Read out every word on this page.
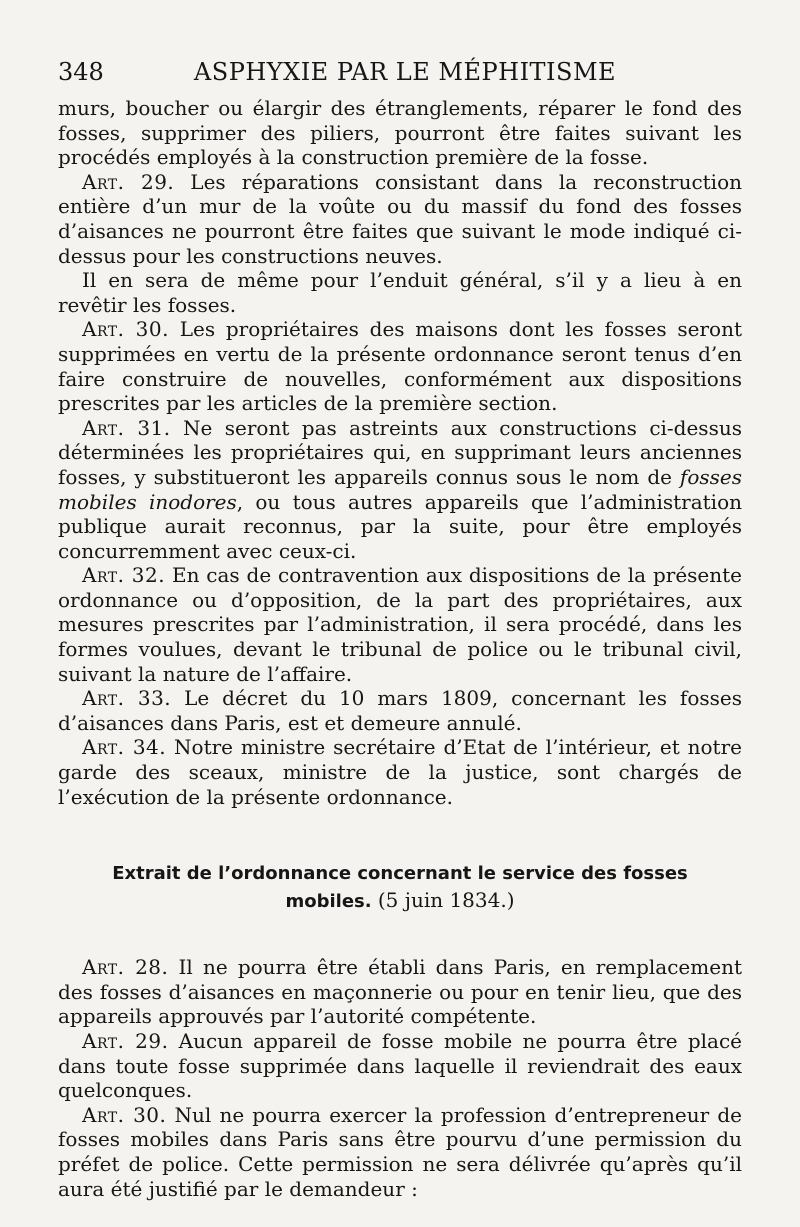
348	ASPHYXIE PAR LE MÉPHITISME

murs, boucher ou élargir des étranglements, réparer le fond des fosses, supprimer des piliers, pourront être faites suivant les procédés employés à la construction première de la fosse.

Art. 29. Les réparations consistant dans la reconstruction entière d’un mur de la voûte ou du massif du fond des fosses d’aisances ne pourront être faites que suivant le mode indiqué ci-dessus pour les constructions neuves.

Il en sera de même pour l’enduit général, s’il y a lieu à en revêtir les fosses.

Art. 30. Les propriétaires des maisons dont les fosses seront supprimées en vertu de la présente ordonnance seront tenus d’en faire construire de nouvelles, conformément aux dispositions prescrites par les articles de la première section.

Art. 31. Ne seront pas astreints aux constructions ci-dessus déterminées les propriétaires qui, en supprimant leurs anciennes fosses, y substitueront les appareils connus sous le nom de fosses mobiles inodores, ou tous autres appareils que l’administration publique aurait reconnus, par la suite, pour être employés concurremment avec ceux-ci.

Art. 32. En cas de contravention aux dispositions de la présente ordonnance ou d’opposition, de la part des propriétaires, aux mesures prescrites par l’administration, il sera procédé, dans les formes voulues, devant le tribunal de police ou le tribunal civil, suivant la nature de l’affaire.

Art. 33. Le décret du 10 mars 1809, concernant les fosses d’aisances dans Paris, est et demeure annulé.

Art. 34. Notre ministre secrétaire d’Etat de l’intérieur, et notre garde des sceaux, ministre de la justice, sont chargés de l’exécution de la présente ordonnance.

Extrait de l’ordonnance concernant le service des fosses
mobiles. (5 juin 1834.)

Art. 28. Il ne pourra être établi dans Paris, en remplacement des fosses d’aisances en maçonnerie ou pour en tenir lieu, que des appareils approuvés par l’autorité compétente.

Art. 29. Aucun appareil de fosse mobile ne pourra être placé dans toute fosse supprimée dans laquelle il reviendrait des eaux quelconques.

Art. 30. Nul ne pourra exercer la profession d’entrepreneur de fosses mobiles dans Paris sans être pourvu d’une permission du préfet de police. Cette permission ne sera délivrée qu’après qu’il aura été justifié par le demandeur :
